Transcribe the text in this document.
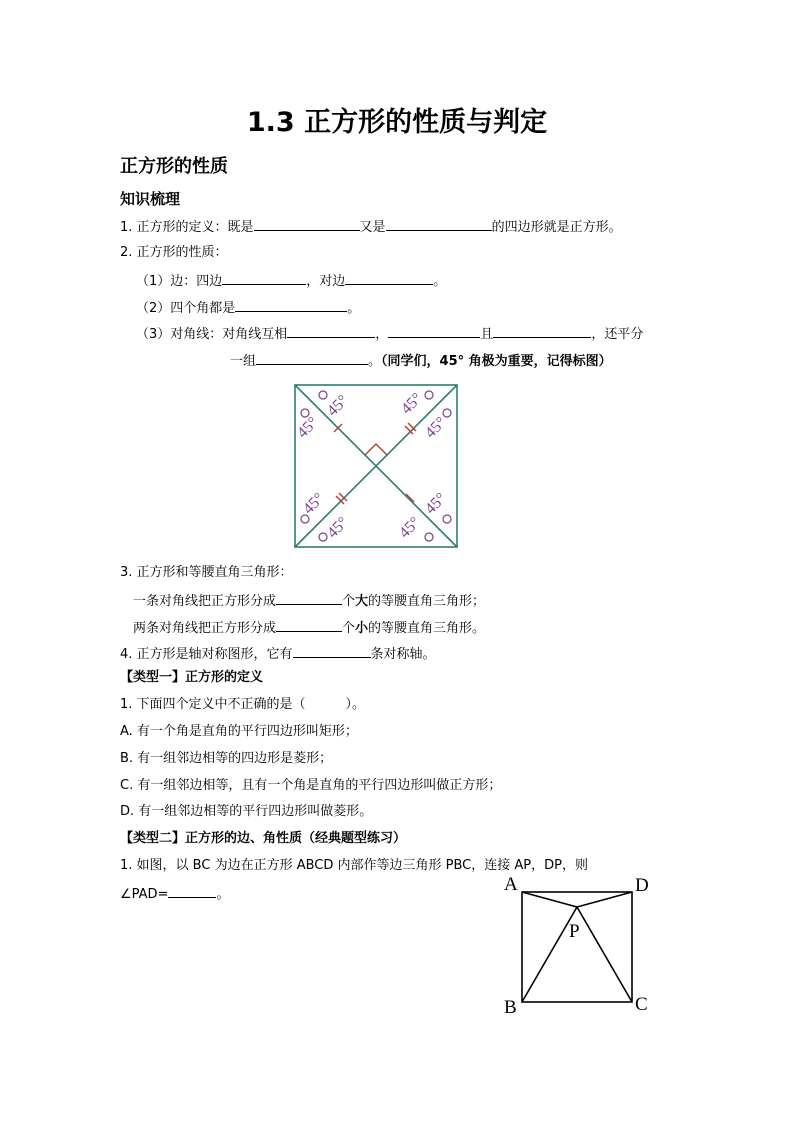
1.3 正方形的性质与判定
正方形的性质
知识梳理
1. 正方形的定义：既是	又是	的四边形就是正方形。
2. 正方形的性质：
（1）边：四边	，对边	。
（2）四个角都是	。
（3）对角线：对角线互相	，	且	，还平分
一组	。（同学们，45° 角极为重要，记得标图）
45°
45°
45°
45°
45°
45°
45°
45°
3. 正方形和等腰直角三角形：
一条对角线把正方形分成	个大的等腰直角三角形；
两条对角线把正方形分成	个小的等腰直角三角形。
4. 正方形是轴对称图形，它有	条对称轴。
【类型一】正方形的定义
1. 下面四个定义中不正确的是（	）。
A. 有一个角是直角的平行四边形叫矩形；
B. 有一组邻边相等的四边形是菱形；
C. 有一组邻边相等，且有一个角是直角的平行四边形叫做正方形；
D. 有一组邻边相等的平行四边形叫做菱形。
【类型二】正方形的边、角性质（经典题型练习）
1. 如图，以 BC 为边在正方形 ABCD 内部作等边三角形 PBC，连接 AP，DP，则
∠PAD=	。	A	D
P
B	C
